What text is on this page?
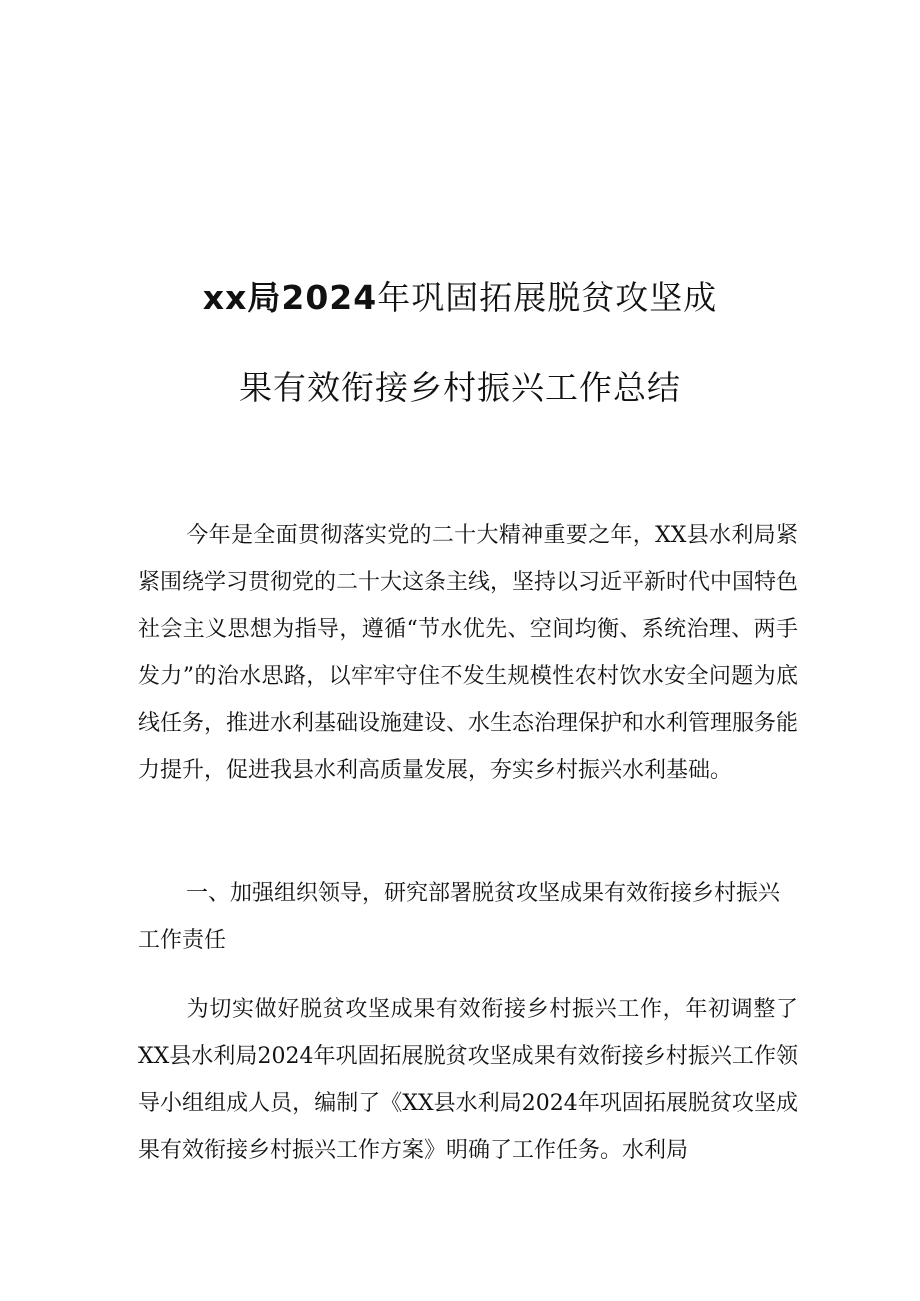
xx局2024年巩固拓展脱贫攻坚成
果有效衔接乡村振兴工作总结
今年是全面贯彻落实党的二十大精神重要之年，XX县水利局紧紧围绕学习贯彻党的二十大这条主线，坚持以习近平新时代中国特色社会主义思想为指导，遵循“节水优先、空间均衡、系统治理、两手发力”的治水思路，以牢牢守住不发生规模性农村饮水安全问题为底线任务，推进水利基础设施建设、水生态治理保护和水利管理服务能力提升，促进我县水利高质量发展，夯实乡村振兴水利基础。
一、加强组织领导，研究部署脱贫攻坚成果有效衔接乡村振兴工作责任
为切实做好脱贫攻坚成果有效衔接乡村振兴工作，年初调整了XX县水利局2024年巩固拓展脱贫攻坚成果有效衔接乡村振兴工作领导小组组成人员，编制了《XX县水利局2024年巩固拓展脱贫攻坚成果有效衔接乡村振兴工作方案》明确了工作任务。水利局
